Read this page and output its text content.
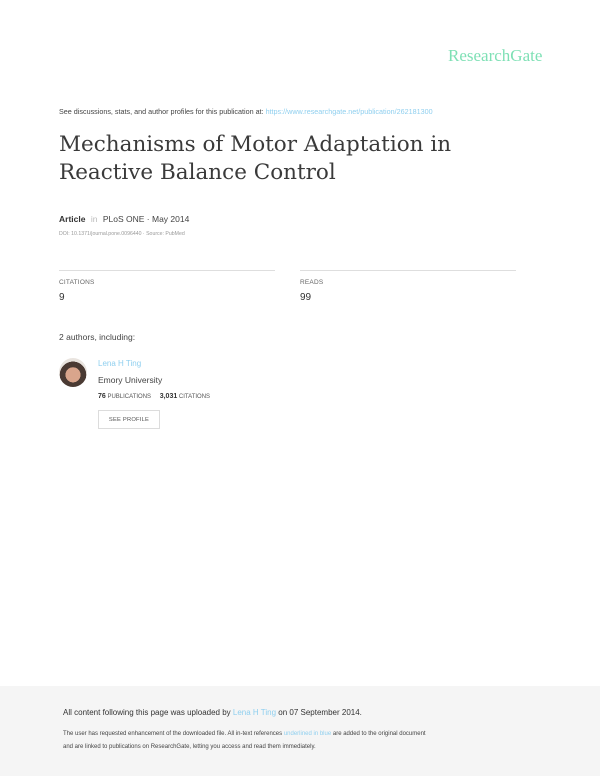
ResearchGate
See discussions, stats, and author profiles for this publication at: https://www.researchgate.net/publication/262181300
Mechanisms of Motor Adaptation in Reactive Balance Control
Article in PLoS ONE · May 2014
DOI: 10.1371/journal.pone.0096440 · Source: PubMed
CITATIONS
9
READS
99
2 authors, including:
Lena H Ting
Emory University
76 PUBLICATIONS 3,031 CITATIONS
SEE PROFILE
All content following this page was uploaded by Lena H Ting on 07 September 2014.
The user has requested enhancement of the downloaded file. All in-text references underlined in blue are added to the original document
and are linked to publications on ResearchGate, letting you access and read them immediately.
